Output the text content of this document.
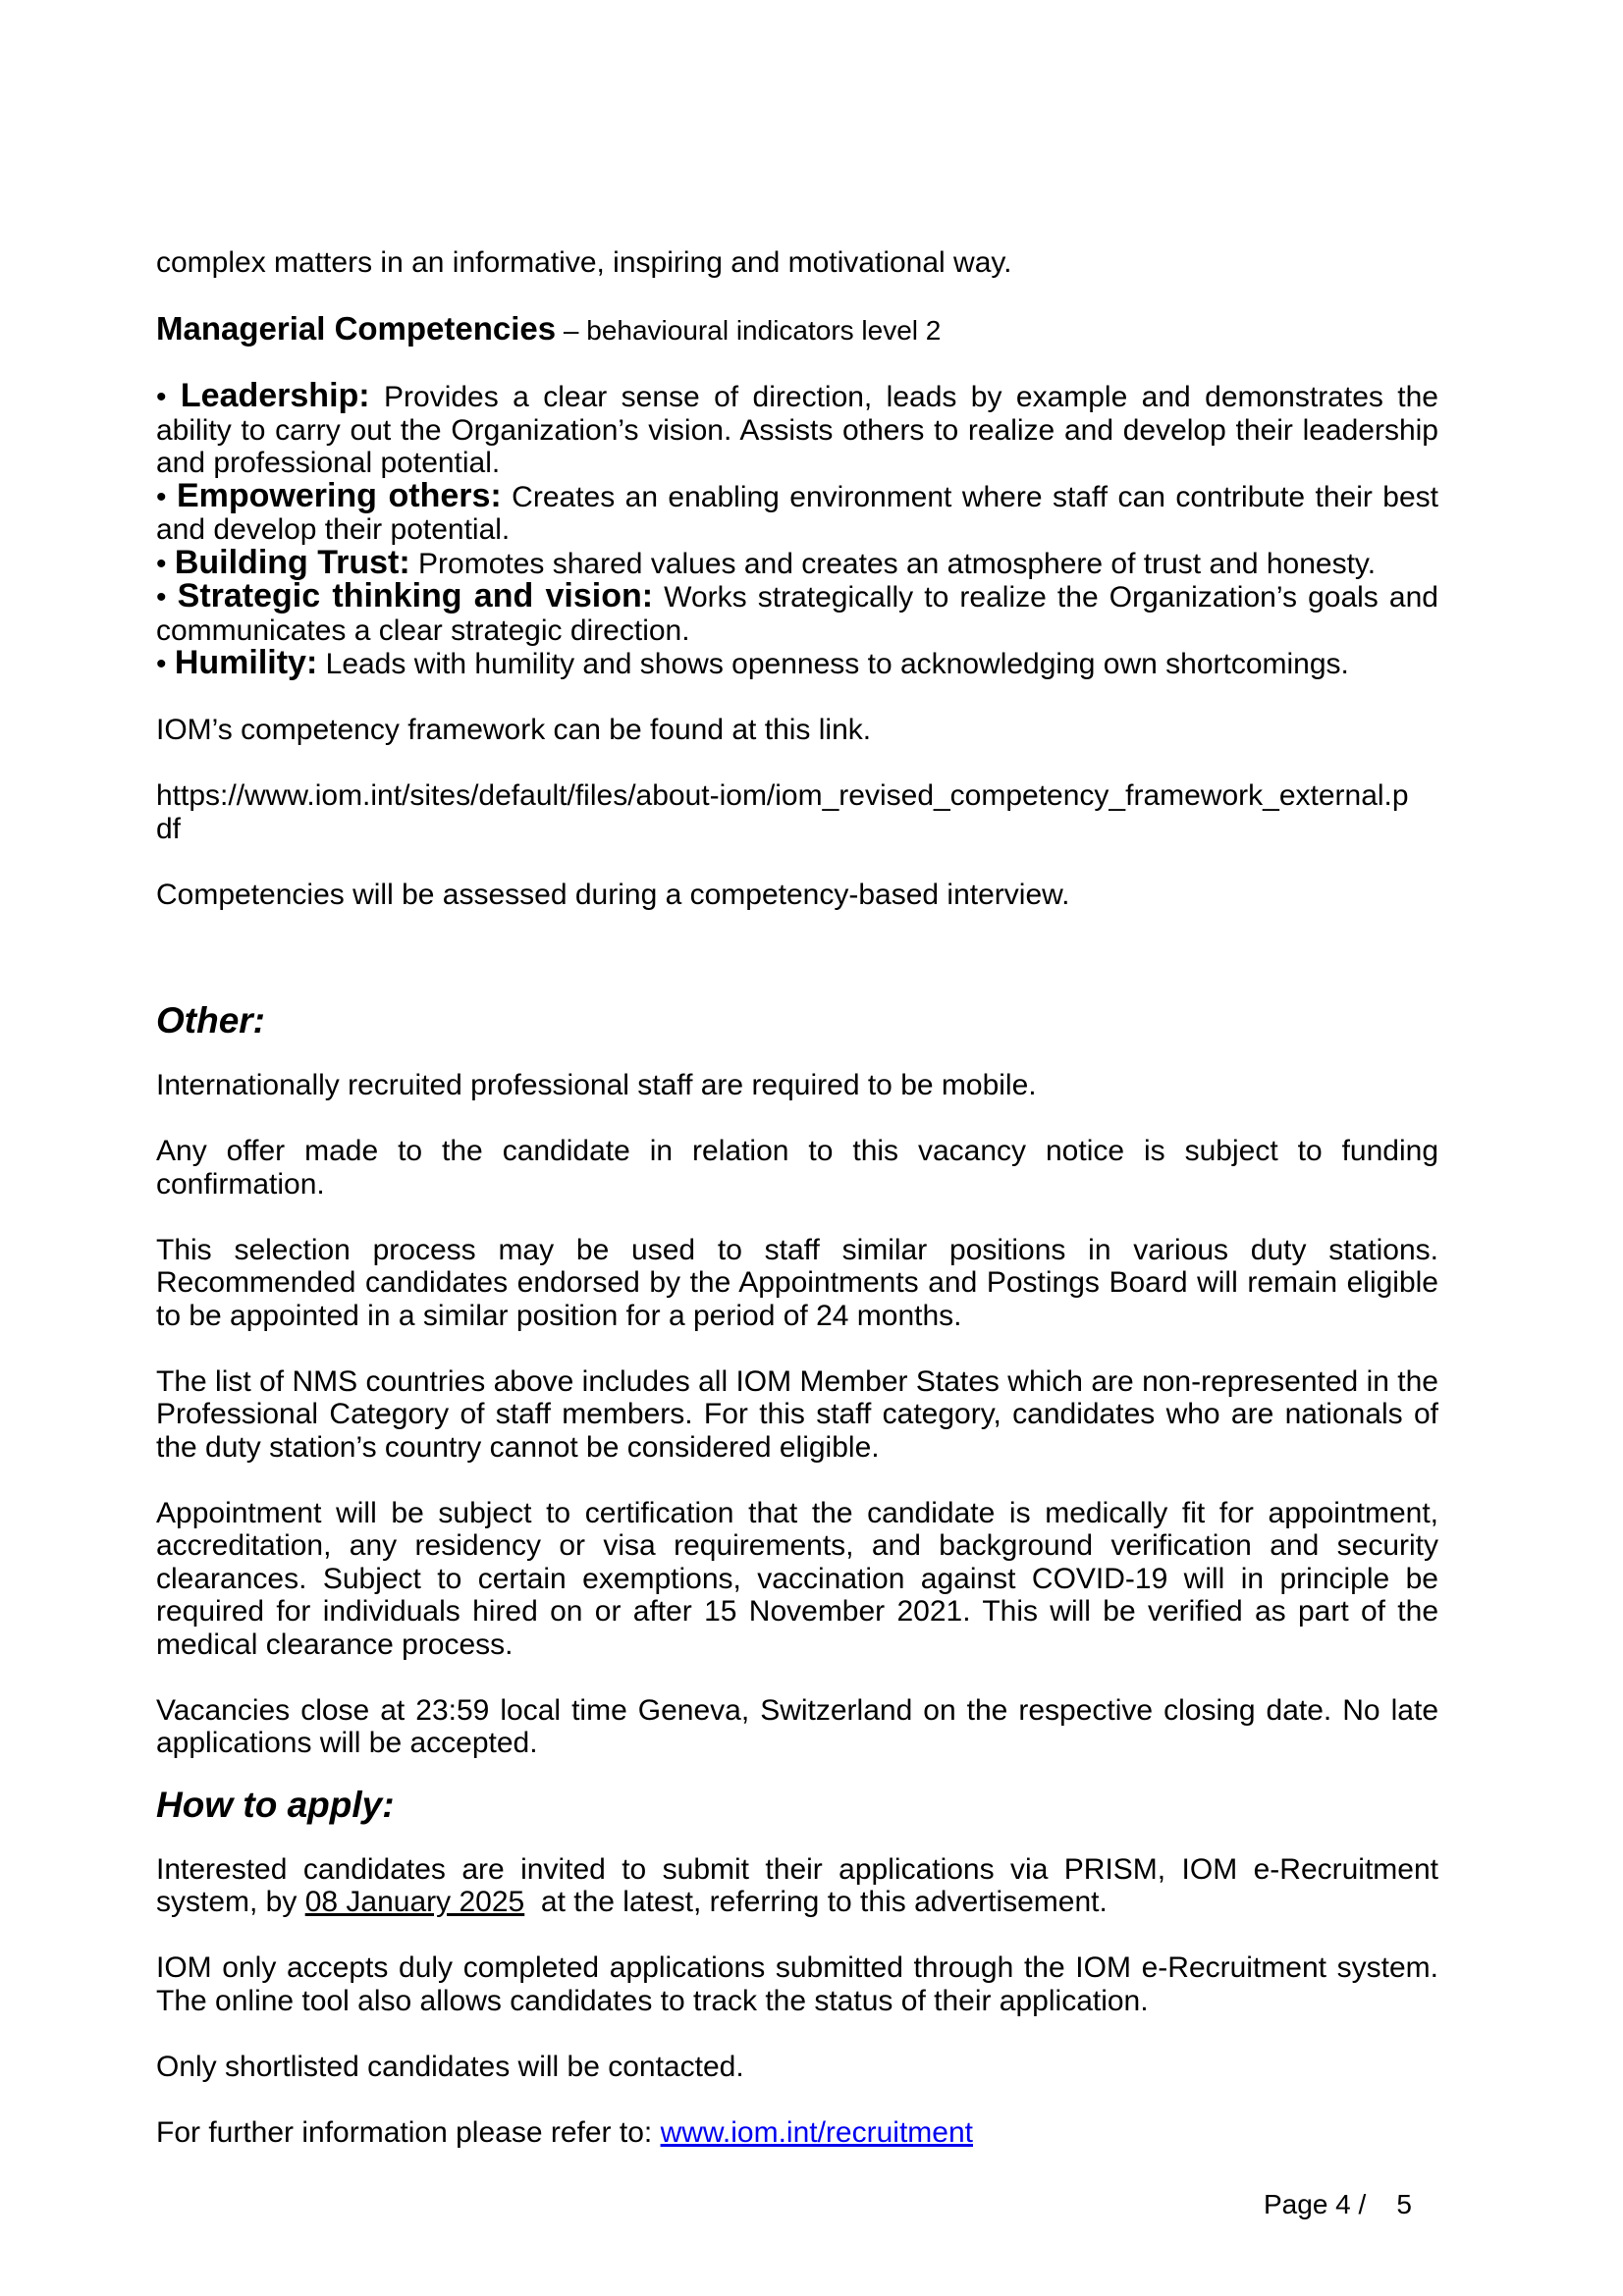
complex matters in an informative, inspiring and motivational way.

Managerial Competencies – behavioural indicators level 2

• Leadership: Provides a clear sense of direction, leads by example and demonstrates the ability to carry out the Organization’s vision. Assists others to realize and develop their leadership and professional potential.

• Empowering others: Creates an enabling environment where staff can contribute their best and develop their potential.

• Building Trust: Promotes shared values and creates an atmosphere of trust and honesty.

• Strategic thinking and vision: Works strategically to realize the Organization’s goals and communicates a clear strategic direction.

• Humility: Leads with humility and shows openness to acknowledging own shortcomings.

IOM’s competency framework can be found at this link.

https://www.iom.int/sites/default/files/about-iom/iom_revised_competency_framework_external.p
df

Competencies will be assessed during a competency-based interview.

Other:

Internationally recruited professional staff are required to be mobile.

Any offer made to the candidate in relation to this vacancy notice is subject to funding confirmation.

This selection process may be used to staff similar positions in various duty stations. Recommended candidates endorsed by the Appointments and Postings Board will remain eligible to be appointed in a similar position for a period of 24 months.

The list of NMS countries above includes all IOM Member States which are non-represented in the Professional Category of staff members. For this staff category, candidates who are nationals of the duty station’s country cannot be considered eligible.

Appointment will be subject to certification that the candidate is medically fit for appointment, accreditation, any residency or visa requirements, and background verification and security clearances. Subject to certain exemptions, vaccination against COVID-19 will in principle be required for individuals hired on or after 15 November 2021. This will be verified as part of the medical clearance process.

Vacancies close at 23:59 local time Geneva, Switzerland on the respective closing date. No late applications will be accepted.

How to apply:

Interested candidates are invited to submit their applications via PRISM, IOM e-Recruitment system, by 08 January 2025  at the latest, referring to this advertisement.

IOM only accepts duly completed applications submitted through the IOM e-Recruitment system. The online tool also allows candidates to track the status of their application.

Only shortlisted candidates will be contacted.

For further information please refer to: www.iom.int/recruitment

Page 4 /    5
